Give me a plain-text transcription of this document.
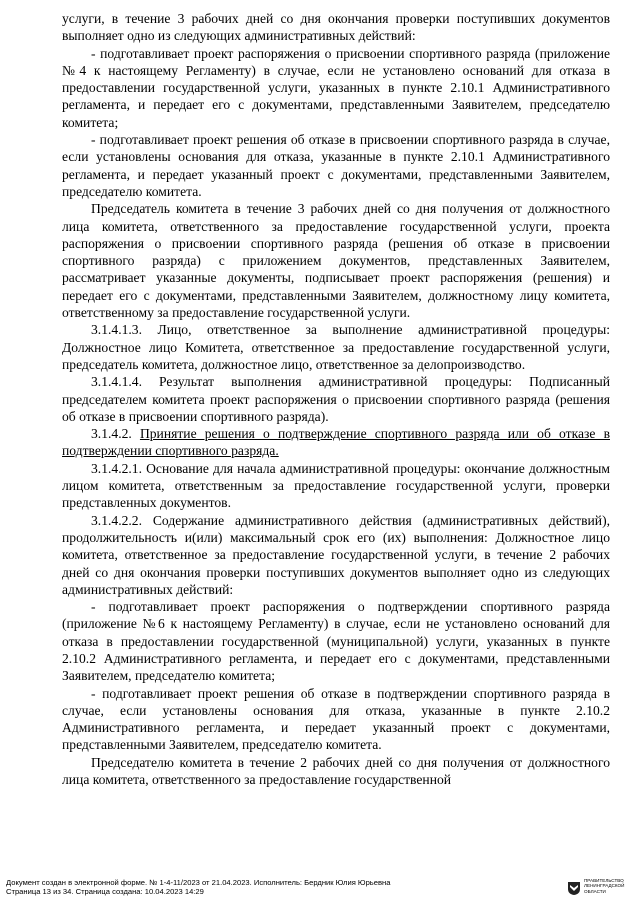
услуги, в течение 3 рабочих дней со дня окончания проверки поступивших документов выполняет одно из следующих административных действий:

- подготавливает проект распоряжения о присвоении спортивного разряда (приложение №4 к настоящему Регламенту) в случае, если не установлено оснований для отказа в предоставлении государственной услуги, указанных в пункте 2.10.1 Административного регламента, и передает его с документами, представленными Заявителем, председателю комитета;

- подготавливает проект решения об отказе в присвоении спортивного разряда в случае, если установлены основания для отказа, указанные в пункте 2.10.1 Административного регламента, и передает указанный проект с документами, представленными Заявителем, председателю комитета.

Председатель комитета в течение 3 рабочих дней со дня получения от должностного лица комитета, ответственного за предоставление государственной услуги, проекта распоряжения о присвоении спортивного разряда (решения об отказе в присвоении спортивного разряда) с приложением документов, представленных Заявителем, рассматривает указанные документы, подписывает проект распоряжения (решения) и передает его с документами, представленными Заявителем, должностному лицу комитета, ответственному за предоставление государственной услуги.

3.1.4.1.3. Лицо, ответственное за выполнение административной процедуры: Должностное лицо Комитета, ответственное за предоставление государственной услуги, председатель комитета, должностное лицо, ответственное за делопроизводство.

3.1.4.1.4. Результат выполнения административной процедуры: Подписанный председателем комитета проект распоряжения о присвоении спортивного разряда (решения об отказе в присвоении спортивного разряда).

3.1.4.2. Принятие решения о подтверждение спортивного разряда или об отказе в подтверждении спортивного разряда.

3.1.4.2.1. Основание для начала административной процедуры: окончание должностным лицом комитета, ответственным за предоставление государственной услуги, проверки представленных документов.

3.1.4.2.2. Содержание административного действия (административных действий), продолжительность и(или) максимальный срок его (их) выполнения: Должностное лицо комитета, ответственное за предоставление государственной услуги, в течение 2 рабочих дней со дня окончания проверки поступивших документов выполняет одно из следующих административных действий:

- подготавливает проект распоряжения о подтверждении спортивного разряда (приложение №6 к настоящему Регламенту) в случае, если не установлено оснований для отказа в предоставлении государственной (муниципальной) услуги, указанных в пункте 2.10.2 Административного регламента, и передает его с документами, представленными Заявителем, председателю комитета;

- подготавливает проект решения об отказе в подтверждении спортивного разряда в случае, если установлены основания для отказа, указанные в пункте 2.10.2 Административного регламента, и передает указанный проект с документами, представленными Заявителем, председателю комитета.

Председателю комитета в течение 2 рабочих дней со дня получения от должностного лица комитета, ответственного за предоставление государственной

Документ создан в электронной форме. № 1-4-11/2023 от 21.04.2023. Исполнитель: Бердник Юлия Юрьевна
Страница 13 из 34. Страница создана: 10.04.2023 14:29
ПРАВИТЕЛЬСТВО
ЛЕНИНГРАДСКОЙ
ОБЛАСТИ
